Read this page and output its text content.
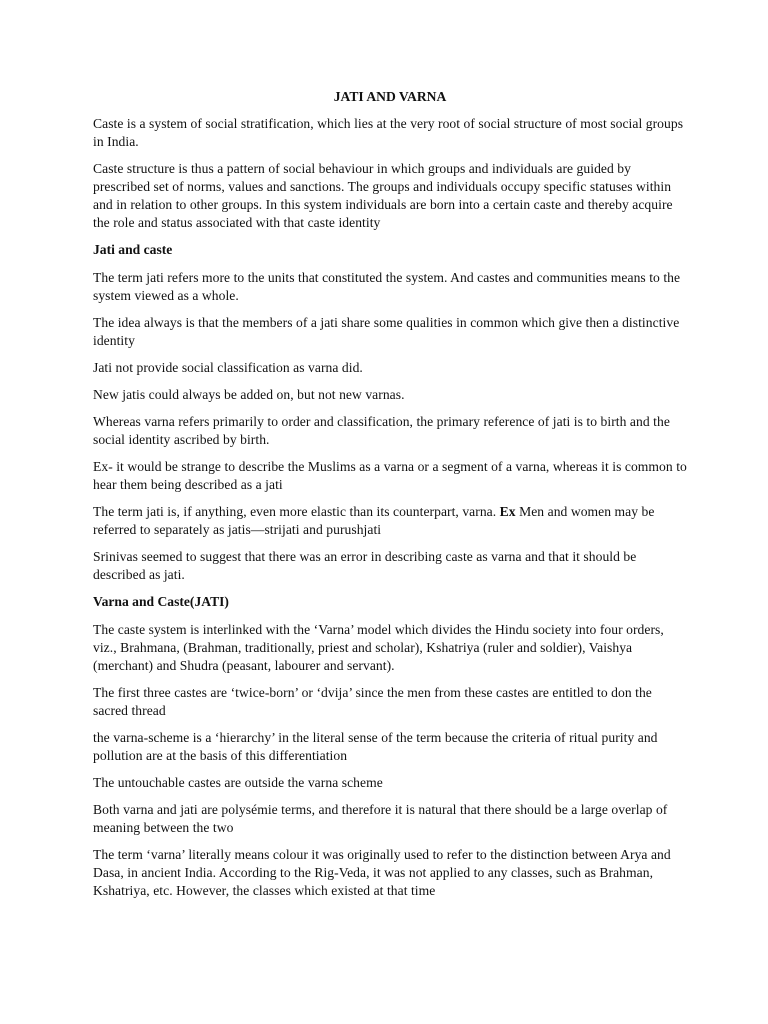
JATI AND VARNA

Caste is a system of social stratification, which lies at the very root of social structure of most social groups in India.

Caste structure is thus a pattern of social behaviour in which groups and individuals are guided by prescribed set of norms, values and sanctions. The groups and individuals occupy specific statuses within and in relation to other groups. In this system individuals are born into a certain caste and thereby acquire the role and status associated with that caste identity

Jati and caste

The term jati refers more to the units that constituted the system. And castes and communities means to the system viewed as a whole.

The idea always is that the members of a jati share some qualities in common which give then a distinctive identity

Jati not provide social classification as varna did.

New jatis could always be added on, but not new varnas.

Whereas varna refers primarily to order and classification, the primary reference of jati is to birth and the social identity ascribed by birth.

Ex- it would be strange to describe the Muslims as a varna or a segment of a varna, whereas it is common to hear them being described as a jati

The term jati is, if anything, even more elastic than its counterpart, varna. Ex Men and women may be referred to separately as jatis—strijati and purushjati

Srinivas seemed to suggest that there was an error in describing caste as varna and that it should be described as jati.

Varna and Caste(JATI)

The caste system is interlinked with the ‘Varna’ model which divides the Hindu society into four orders, viz., Brahmana, (Brahman, traditionally, priest and scholar), Kshatriya (ruler and soldier), Vaishya (merchant) and Shudra (peasant, labourer and servant).

The first three castes are ‘twice-born’ or ‘dvija’ since the men from these castes are entitled to don the sacred thread

the varna-scheme is a ‘hierarchy’ in the literal sense of the term because the criteria of ritual purity and pollution are at the basis of this differentiation

The untouchable castes are outside the varna scheme

Both varna and jati are polysémie terms, and therefore it is natural that there should be a large overlap of meaning between the two

The term ‘varna’ literally means colour it was originally used to refer to the distinction between Arya and Dasa, in ancient India. According to the Rig-Veda, it was not applied to any classes, such as Brahman, Kshatriya, etc. However, the classes which existed at that time
